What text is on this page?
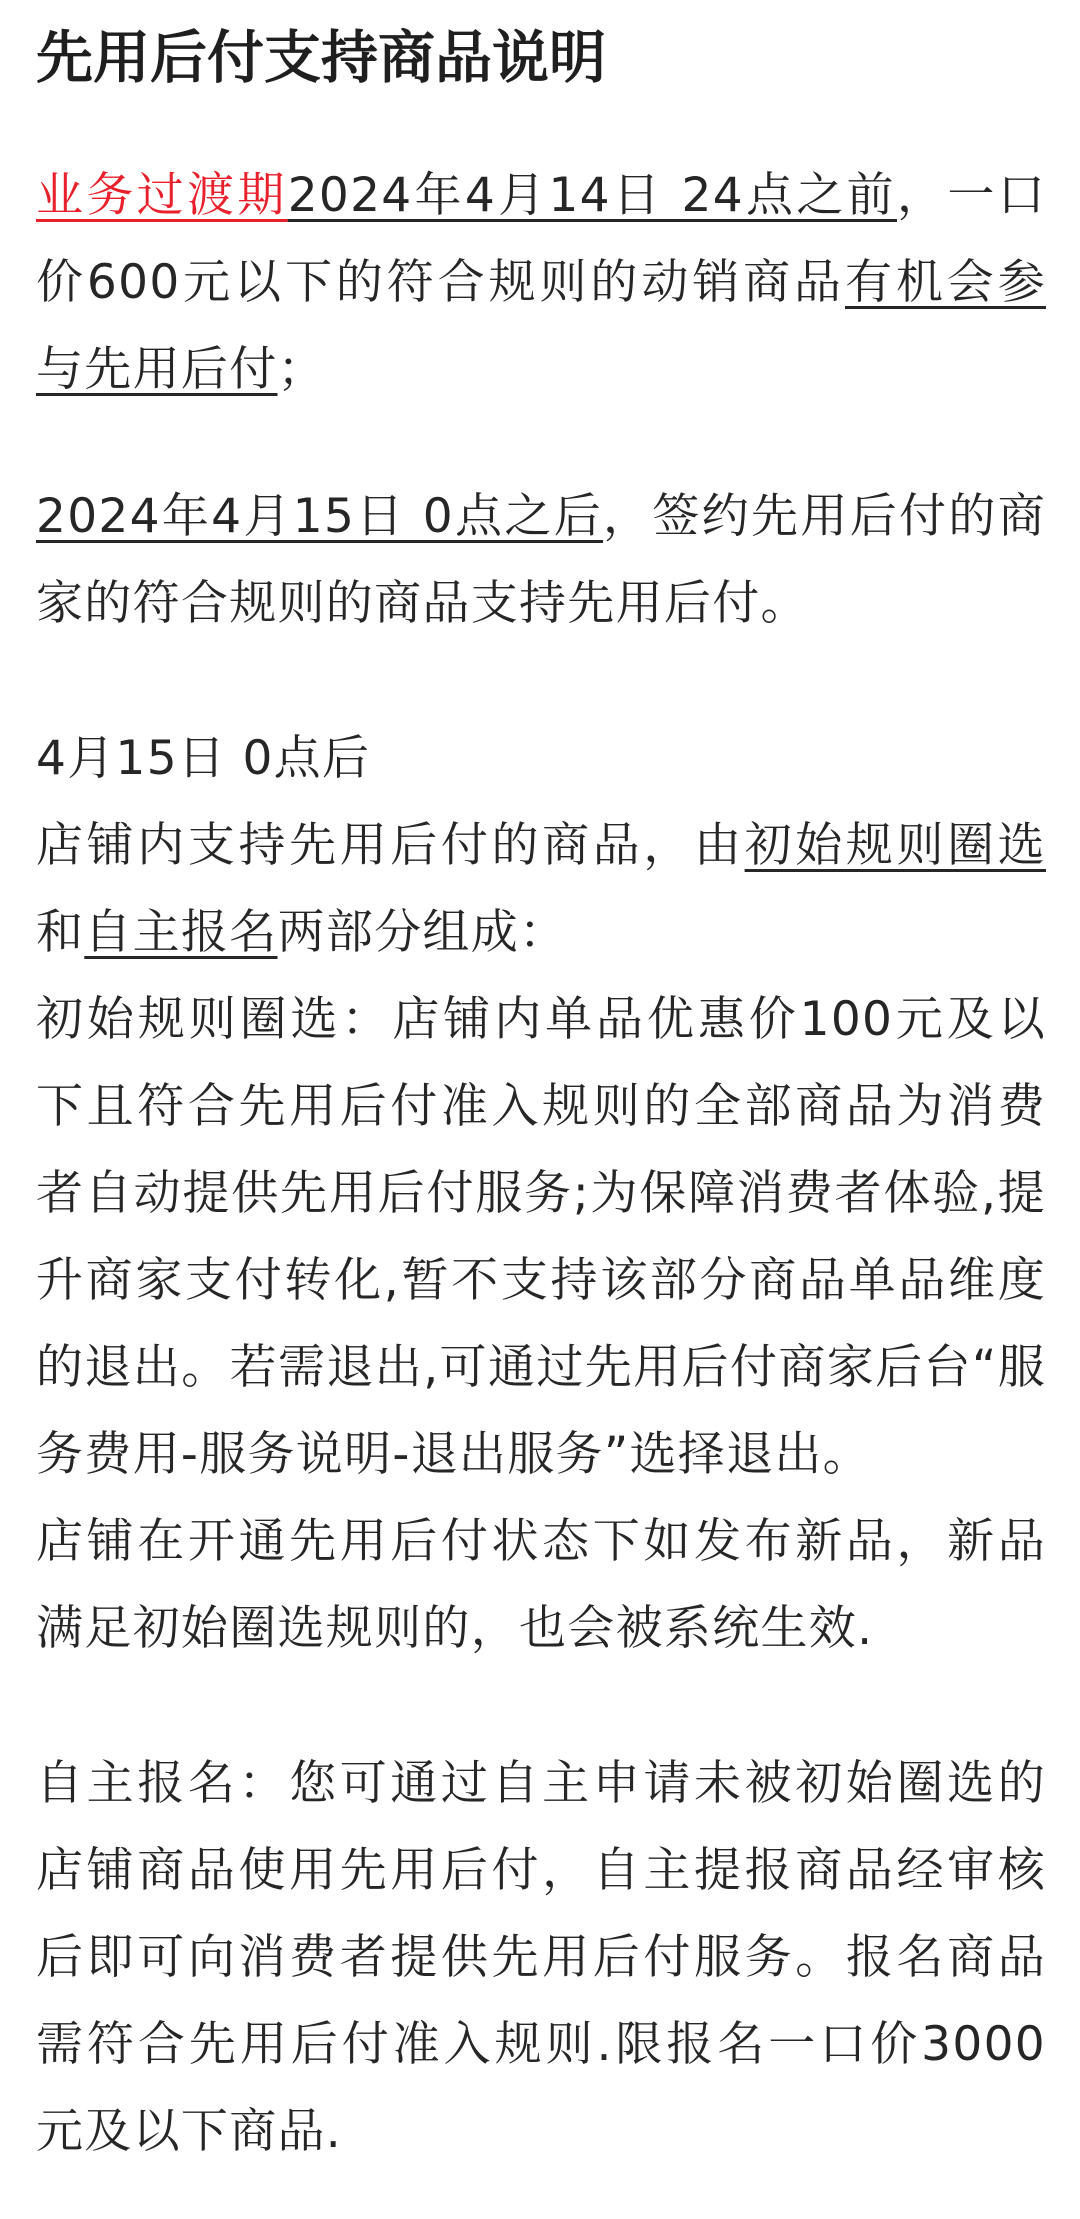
先用后付支持商品说明

业务过渡期2024年4月14日 24点之前，一口价600元以下的符合规则的动销商品有机会参与先用后付；

2024年4月15日 0点之后，签约先用后付的商家的符合规则的商品支持先用后付。

4月15日 0点后

店铺内支持先用后付的商品，由初始规则圈选和自主报名两部分组成：

初始规则圈选：店铺内单品优惠价100元及以下且符合先用后付准入规则的全部商品为消费者自动提供先用后付服务;为保障消费者体验,提升商家支付转化,暂不支持该部分商品单品维度的退出。若需退出,可通过先用后付商家后台“服务费用-服务说明-退出服务”选择退出。

店铺在开通先用后付状态下如发布新品，新品满足初始圈选规则的，也会被系统生效.

自主报名：您可通过自主申请未被初始圈选的店铺商品使用先用后付，自主提报商品经审核后即可向消费者提供先用后付服务。报名商品需符合先用后付准入规则.限报名一口价3000元及以下商品.
